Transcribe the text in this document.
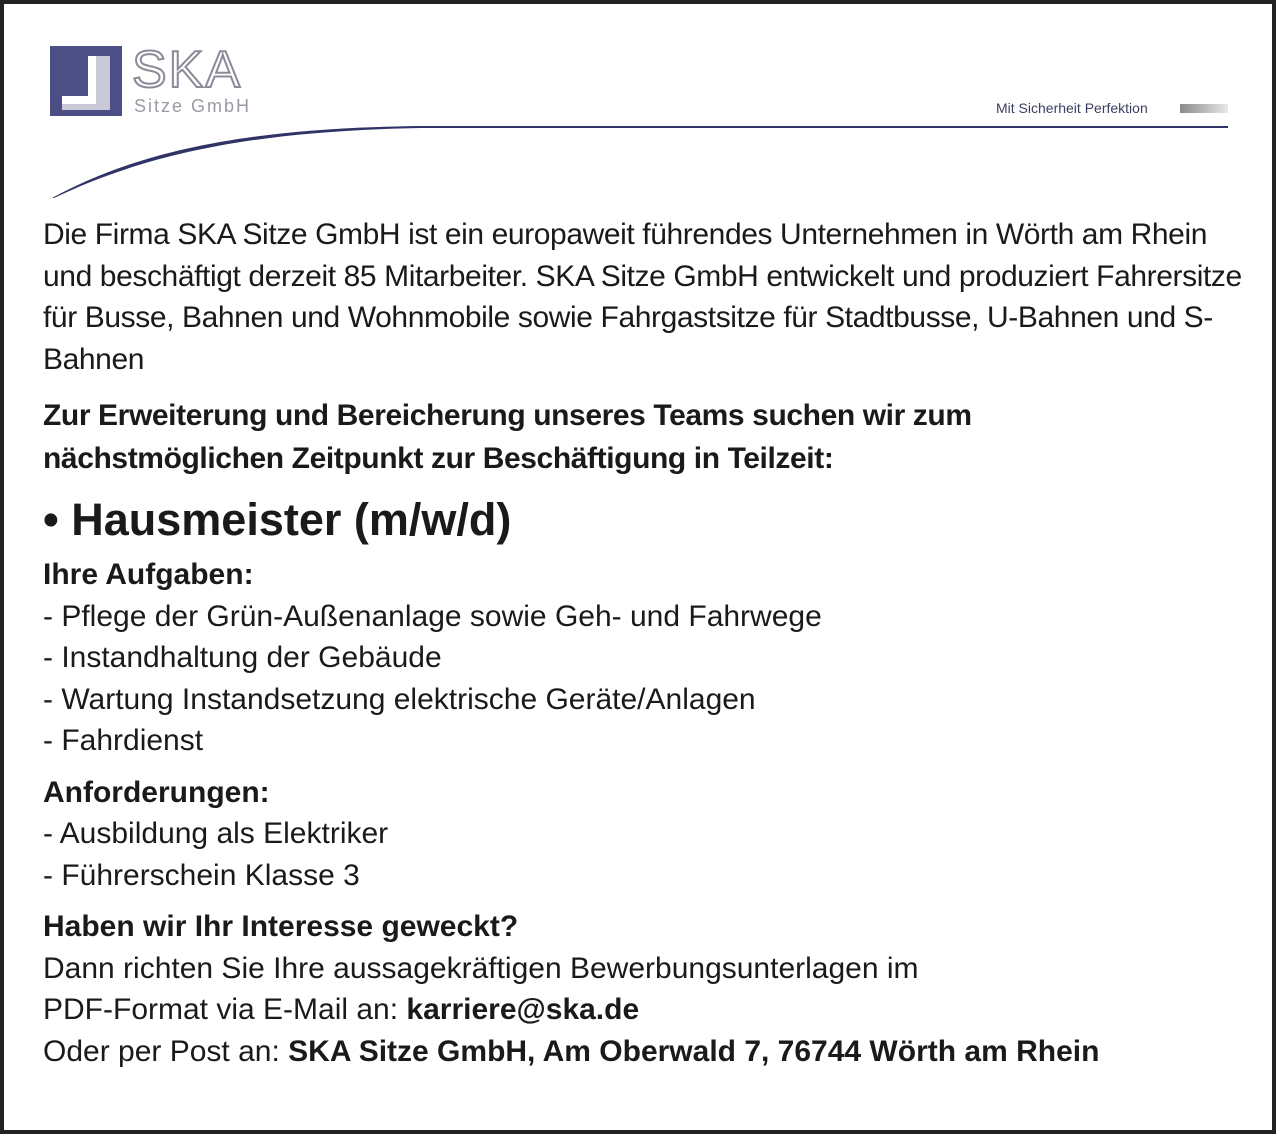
SKA
Sitze GmbH	Mit Sicherheit Perfektion

Die Firma SKA Sitze GmbH ist ein europaweit führendes Unternehmen in Wörth am Rhein und beschäftigt derzeit 85 Mitarbeiter. SKA Sitze GmbH entwickelt und produziert Fahrersitze für Busse, Bahnen und Wohnmobile sowie Fahrgastsitze für Stadtbusse, U-Bahnen und S-Bahnen

Zur Erweiterung und Bereicherung unseres Teams suchen wir zum
nächstmöglichen Zeitpunkt zur Beschäftigung in Teilzeit:

• Hausmeister (m/w/d)

Ihre Aufgaben:

- Pflege der Grün-Außenanlage sowie Geh- und Fahrwege

- Instandhaltung der Gebäude

- Wartung Instandsetzung elektrische Geräte/Anlagen

- Fahrdienst

Anforderungen:

- Ausbildung als Elektriker

- Führerschein Klasse 3

Haben wir Ihr Interesse geweckt?

Dann richten Sie Ihre aussagekräftigen Bewerbungsunterlagen im

PDF-Format via E-Mail an: karriere@ska.de

Oder per Post an: SKA Sitze GmbH, Am Oberwald 7, 76744 Wörth am Rhein
